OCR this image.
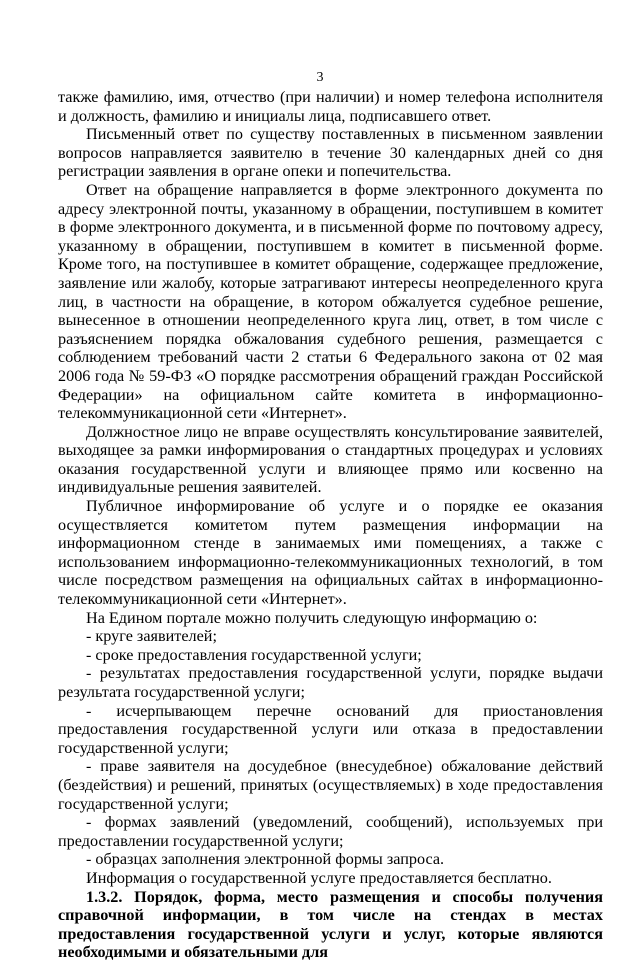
3

также фамилию, имя, отчество (при наличии) и номер телефона исполнителя и должность, фамилию и инициалы лица, подписавшего ответ.

Письменный ответ по существу поставленных в письменном заявлении вопросов направляется заявителю в течение 30 календарных дней со дня регистрации заявления в органе опеки и попечительства.

Ответ на обращение направляется в форме электронного документа по адресу электронной почты, указанному в обращении, поступившем в комитет в форме электронного документа, и в письменной форме по почтовому адресу, указанному в обращении, поступившем в комитет в письменной форме. Кроме того, на поступившее в комитет обращение, содержащее предложение, заявление или жалобу, которые затрагивают интересы неопределенного круга лиц, в частности на обращение, в котором обжалуется судебное решение, вынесенное в отношении неопределенного круга лиц, ответ, в том числе с разъяснением порядка обжалования судебного решения, размещается с соблюдением требований части 2 статьи 6 Федерального закона от 02 мая 2006 года № 59-ФЗ «О порядке рассмотрения обращений граждан Российской Федерации» на официальном сайте комитета в информационно-телекоммуникационной сети «Интернет».

Должностное лицо не вправе осуществлять консультирование заявителей, выходящее за рамки информирования о стандартных процедурах и условиях оказания государственной услуги и влияющее прямо или косвенно на индивидуальные решения заявителей.

Публичное информирование об услуге и о порядке ее оказания осуществляется комитетом путем размещения информации на информационном стенде в занимаемых ими помещениях, а также с использованием информационно-телекоммуникационных технологий, в том числе посредством размещения на официальных сайтах в информационно-телекоммуникационной сети «Интернет».

На Едином портале можно получить следующую информацию о:

- круге заявителей;

- сроке предоставления государственной услуги;

- результатах предоставления государственной услуги, порядке выдачи результата государственной услуги;

- исчерпывающем перечне оснований для приостановления предоставления государственной услуги или отказа в предоставлении государственной услуги;

- праве заявителя на досудебное (внесудебное) обжалование действий (бездействия) и решений, принятых (осуществляемых) в ходе предоставления государственной услуги;

- формах заявлений (уведомлений, сообщений), используемых при предоставлении государственной услуги;

- образцах заполнения электронной формы запроса.

Информация о государственной услуге предоставляется бесплатно.

1.3.2. Порядок, форма, место размещения и способы получения справочной информации, в том числе на стендах в местах предоставления государственной услуги и услуг, которые являются необходимыми и обязательными для
